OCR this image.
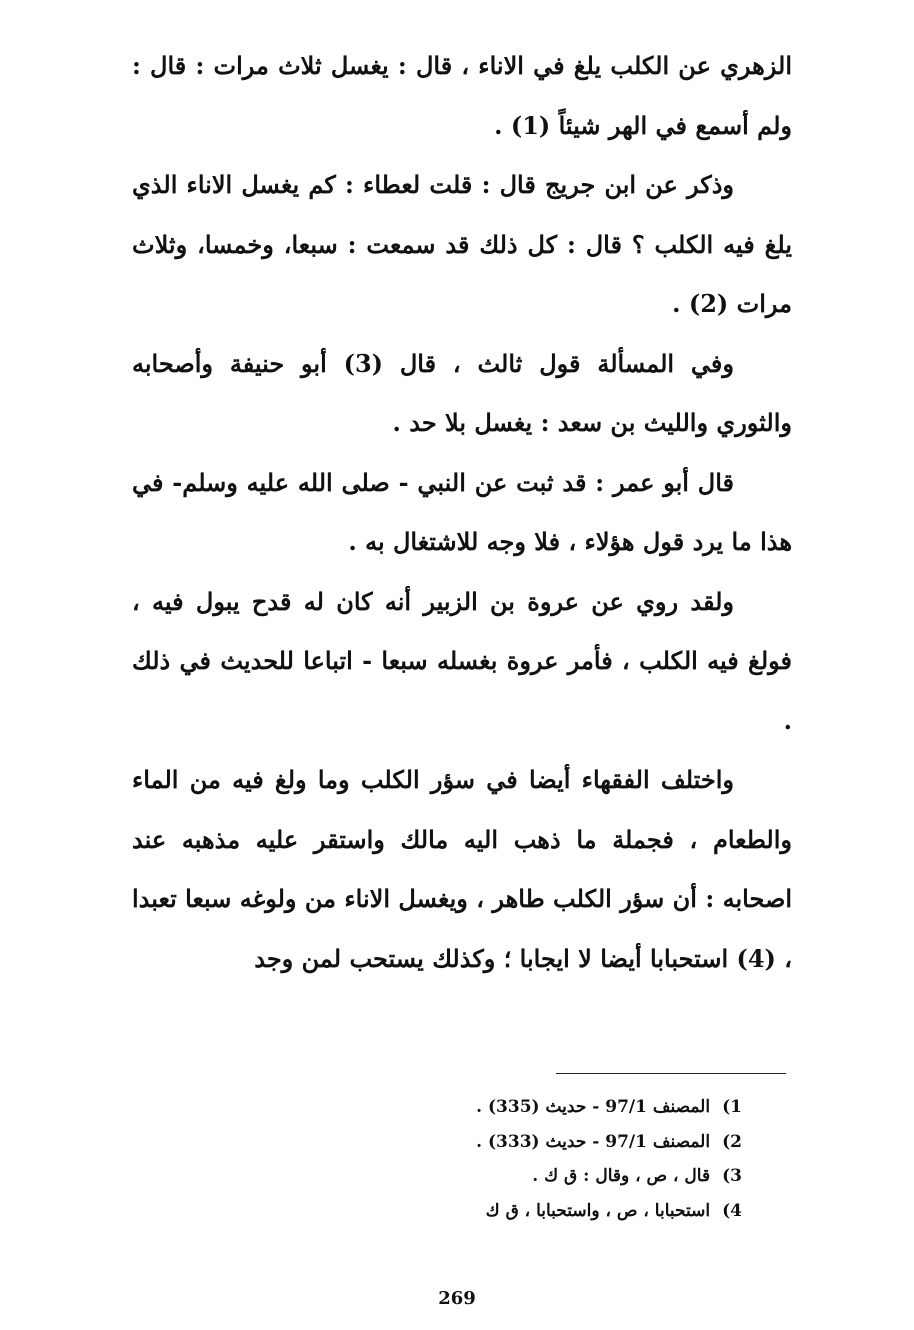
الزهري عن الكلب يلغ في الاناء ، قال : يغسل ثلاث مرات : قال : ولم أسمع في الهر شيئاً (1) .

وذكر عن ابن جريج قال : قلت لعطاء : كم يغسل الاناء الذي يلغ فيه الكلب ؟ قال : كل ذلك قد سمعت : سبعا، وخمسا، وثلاث مرات (2) .

وفي المسألة قول ثالث ، قال (3) أبو حنيفة وأصحابه والثوري والليث بن سعد : يغسل بلا حد .

قال أبو عمر : قد ثبت عن النبي - صلى الله عليه وسلم- في هذا ما يرد قول هؤلاء ، فلا وجه للاشتغال به .

ولقد روي عن عروة بن الزبير أنه كان له قدح يبول فيه ، فولغ فيه الكلب ، فأمر عروة بغسله سبعا - اتباعا للحديث في ذلك .

واختلف الفقهاء أيضا في سؤر الكلب وما ولغ فيه من الماء والطعام ، فجملة ما ذهب اليه مالك واستقر عليه مذهبه عند اصحابه : أن سؤر الكلب طاهر ، ويغسل الاناء من ولوغه سبعا تعبدا ، (4) استحبابا أيضا لا ايجابا ؛ وكذلك يستحب لمن وجد

1) المصنف 97/1 - حديث (335) .
2) المصنف 97/1 - حديث (333) .
3) قال ، ص ، وقال : ق ك .
4) استحبابا ، ص ، واستحبابا ، ق ك
269
